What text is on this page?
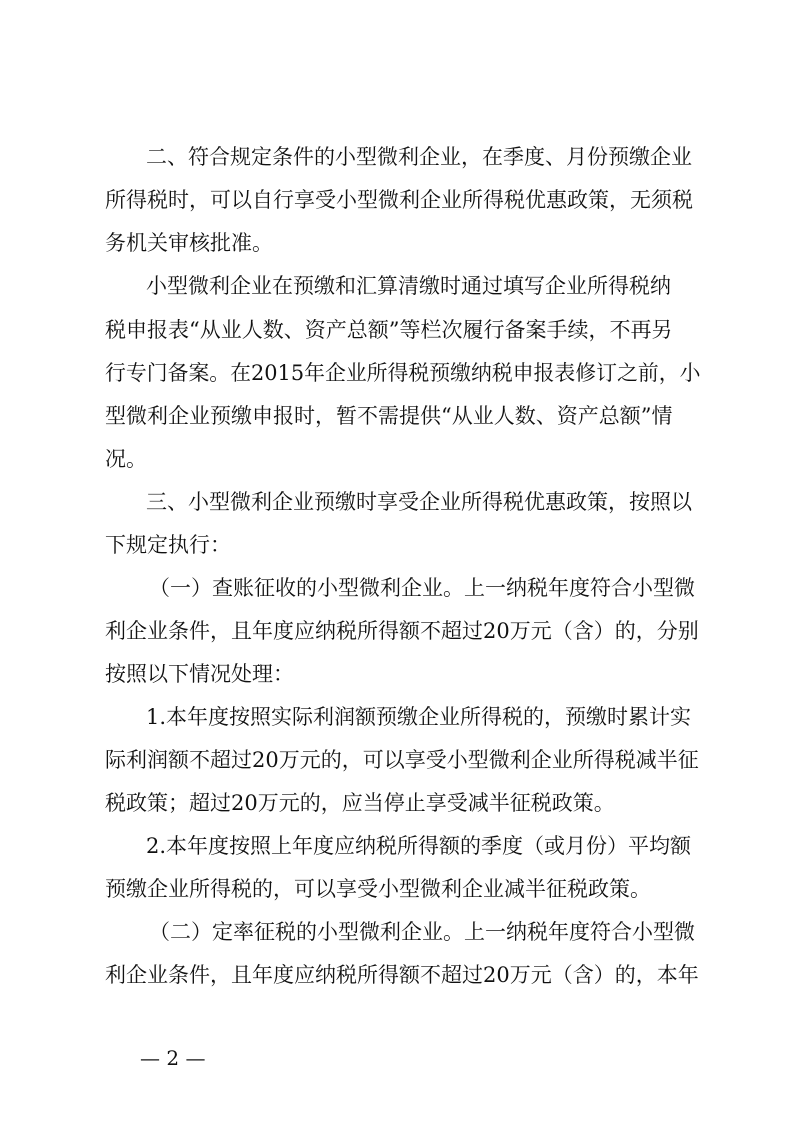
二、符合规定条件的小型微利企业，在季度、月份预缴企业
所得税时，可以自行享受小型微利企业所得税优惠政策，无须税
务机关审核批准。
小型微利企业在预缴和汇算清缴时通过填写企业所得税纳
税申报表“从业人数、资产总额”等栏次履行备案手续，不再另
行专门备案。在2015年企业所得税预缴纳税申报表修订之前，小
型微利企业预缴申报时，暂不需提供“从业人数、资产总额”情
况。
三、小型微利企业预缴时享受企业所得税优惠政策，按照以
下规定执行：
（一）查账征收的小型微利企业。上一纳税年度符合小型微
利企业条件，且年度应纳税所得额不超过20万元（含）的，分别
按照以下情况处理：
1.本年度按照实际利润额预缴企业所得税的，预缴时累计实
际利润额不超过20万元的，可以享受小型微利企业所得税减半征
税政策；超过20万元的，应当停止享受减半征税政策。
2.本年度按照上年度应纳税所得额的季度（或月份）平均额
预缴企业所得税的，可以享受小型微利企业减半征税政策。
（二）定率征税的小型微利企业。上一纳税年度符合小型微
利企业条件，且年度应纳税所得额不超过20万元（含）的，本年
— 2 —
